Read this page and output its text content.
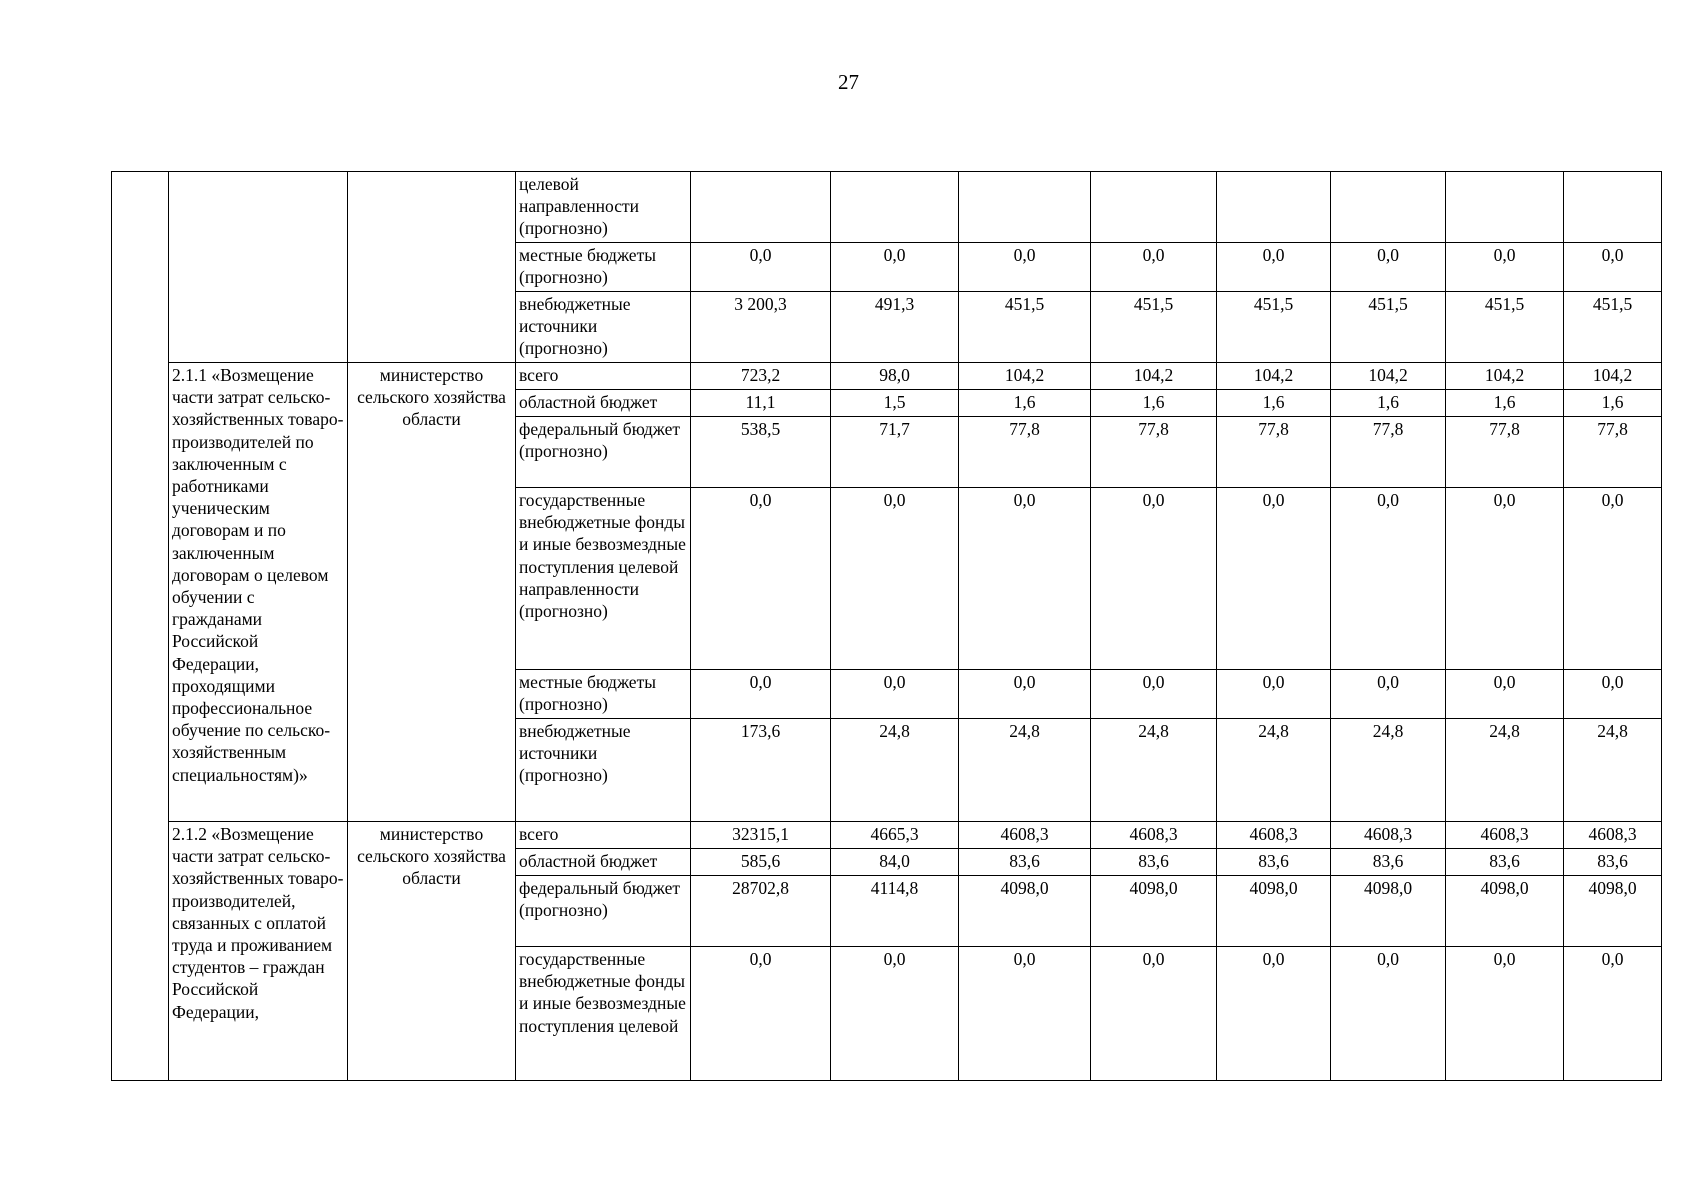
27
			целевой направленности (прогнозно)								
			местные бюджеты (прогнозно)	0,0	0,0	0,0	0,0	0,0	0,0	0,0	0,0
			внебюджетные источники (прогнозно)	3 200,3	491,3	451,5	451,5	451,5	451,5	451,5	451,5
	2.1.1 «Возмещение части затрат сельско-хозяйственных товаро-производителей по заключенным с работниками ученическим договорам и по заключенным договорам о целевом обучении с гражданами Российской Федерации, проходящими профессиональное обучение по сельско-хозяйственным специальностям)»	министерство сельского хозяйства области	всего	723,2	98,0	104,2	104,2	104,2	104,2	104,2	104,2
			областной бюджет	11,1	1,5	1,6	1,6	1,6	1,6	1,6	1,6
			федеральный бюджет (прогнозно)	538,5	71,7	77,8	77,8	77,8	77,8	77,8	77,8
			государственные внебюджетные фонды и иные безвозмездные поступления целевой направленности (прогнозно)	0,0	0,0	0,0	0,0	0,0	0,0	0,0	0,0
			местные бюджеты (прогнозно)	0,0	0,0	0,0	0,0	0,0	0,0	0,0	0,0
			внебюджетные источники (прогнозно)	173,6	24,8	24,8	24,8	24,8	24,8	24,8	24,8
	2.1.2 «Возмещение части затрат сельско-хозяйственных товаро-производителей, связанных с оплатой труда и проживанием студентов – граждан Российской Федерации,	министерство сельского хозяйства области	всего	32315,1	4665,3	4608,3	4608,3	4608,3	4608,3	4608,3	4608,3
			областной бюджет	585,6	84,0	83,6	83,6	83,6	83,6	83,6	83,6
			федеральный бюджет (прогнозно)	28702,8	4114,8	4098,0	4098,0	4098,0	4098,0	4098,0	4098,0
			государственные внебюджетные фонды и иные безвозмездные поступления целевой	0,0	0,0	0,0	0,0	0,0	0,0	0,0	0,0
